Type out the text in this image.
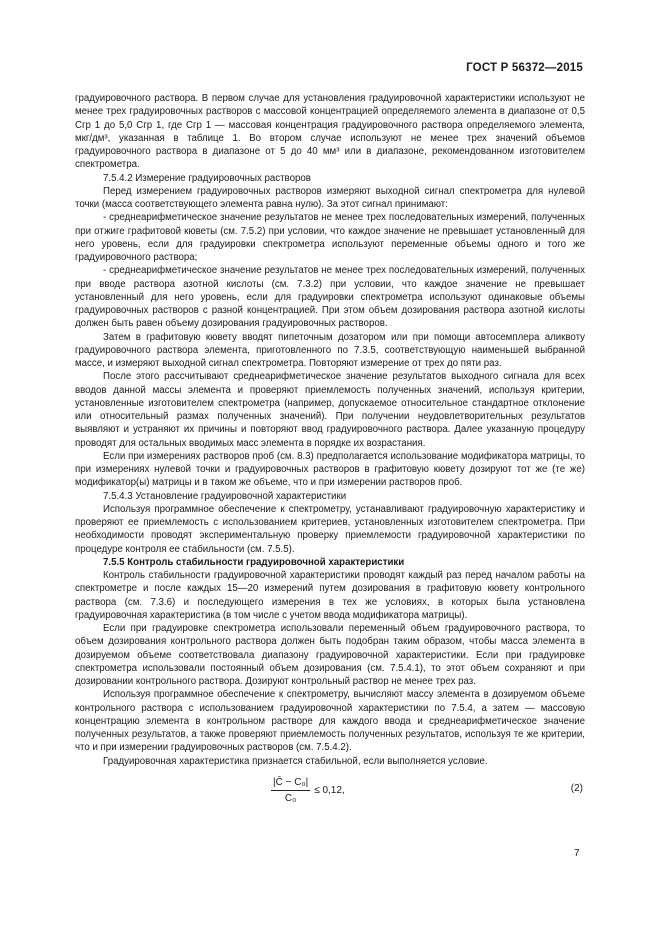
ГОСТ Р 56372—2015

градуировочного раствора. В первом случае для установления градуировочной характеристики используют не менее трех градуировочных растворов с массовой концентрацией определяемого элемента в диапазоне от 0,5 Cгр 1 до 5,0 Cгр 1, где Cгр 1 — массовая концентрация градуировочного раствора определяемого элемента, мкг/дм³, указанная в таблице 1. Во втором случае используют не менее трех значений объемов градуировочного раствора в диапазоне от 5 до 40 мм³ или в диапазоне, рекомендованном изготовителем спектрометра.

7.5.4.2 Измерение градуировочных растворов

Перед измерением градуировочных растворов измеряют выходной сигнал спектрометра для нулевой точки (масса соответствующего элемента равна нулю). За этот сигнал принимают:

- среднеарифметическое значение результатов не менее трех последовательных измерений, полученных при отжиге графитовой кюветы (см. 7.5.2) при условии, что каждое значение не превышает установленный для него уровень, если для градуировки спектрометра используют переменные объемы одного и того же градуировочного раствора;

- среднеарифметическое значение результатов не менее трех последовательных измерений, полученных при вводе раствора азотной кислоты (см. 7.3.2) при условии, что каждое значение не превышает установленный для него уровень, если для градуировки спектрометра используют одинаковые объемы градуировочных растворов с разной концентрацией. При этом объем дозирования раствора азотной кислоты должен быть равен объему дозирования градуировочных растворов.

Затем в графитовую кювету вводят пипеточным дозатором или при помощи автосемплера аликвоту градуировочного раствора элемента, приготовленного по 7.3.5, соответствующую наименьшей выбранной массе, и измеряют выходной сигнал спектрометра. Повторяют измерение от трех до пяти раз.

После этого рассчитывают среднеарифметическое значение результатов выходного сигнала для всех вводов данной массы элемента и проверяют приемлемость полученных значений, используя критерии, установленные изготовителем спектрометра (например, допускаемое относительное стандартное отклонение или относительный размах полученных значений). При получении неудовлетворительных результатов выявляют и устраняют их причины и повторяют ввод градуировочного раствора. Далее указанную процедуру проводят для остальных вводимых масс элемента в порядке их возрастания.

Если при измерениях растворов проб (см. 8.3) предполагается использование модификатора матрицы, то при измерениях нулевой точки и градуировочных растворов в графитовую кювету дозируют тот же (те же) модификатор(ы) матрицы и в таком же объеме, что и при измерении растворов проб.

7.5.4.3 Установление градуировочной характеристики

Используя программное обеспечение к спектрометру, устанавливают градуировочную характеристику и проверяют ее приемлемость с использованием критериев, установленных изготовителем спектрометра. При необходимости проводят экспериментальную проверку приемлемости градуировочной характеристики по процедуре контроля ее стабильности (см. 7.5.5).

7.5.5 Контроль стабильности градуировочной характеристики

Контроль стабильности градуировочной характеристики проводят каждый раз перед началом работы на спектрометре и после каждых 15—20 измерений путем дозирования в графитовую кювету контрольного раствора (см. 7.3.6) и последующего измерения в тех же условиях, в которых была установлена градуировочная характеристика (в том числе с учетом ввода модификатора матрицы).

Если при градуировке спектрометра использовали переменный объем градуировочного раствора, то объем дозирования контрольного раствора должен быть подобран таким образом, чтобы масса элемента в дозируемом объеме соответствовала диапазону градуировочной характеристики. Если при градуировке спектрометра использовали постоянный объем дозирования (см. 7.5.4.1), то этот объем сохраняют и при дозировании контрольного раствора. Дозируют контрольный раствор не менее трех раз.

Используя программное обеспечение к спектрометру, вычисляют массу элемента в дозируемом объеме контрольного раствора с использованием градуировочной характеристики по 7.5.4, а затем — массовую концентрацию элемента в контрольном растворе для каждого ввода и среднеарифметическое значение полученных результатов, а также проверяют приемлемость полученных результатов, используя те же критерии, что и при измерении градуировочных растворов (см. 7.5.4.2).

Градуировочная характеристика признается стабильной, если выполняется условие.

$\frac{\text{|C̄ − C₀|}}{\text{C₀}} \le 0,12$,	(2)
7
